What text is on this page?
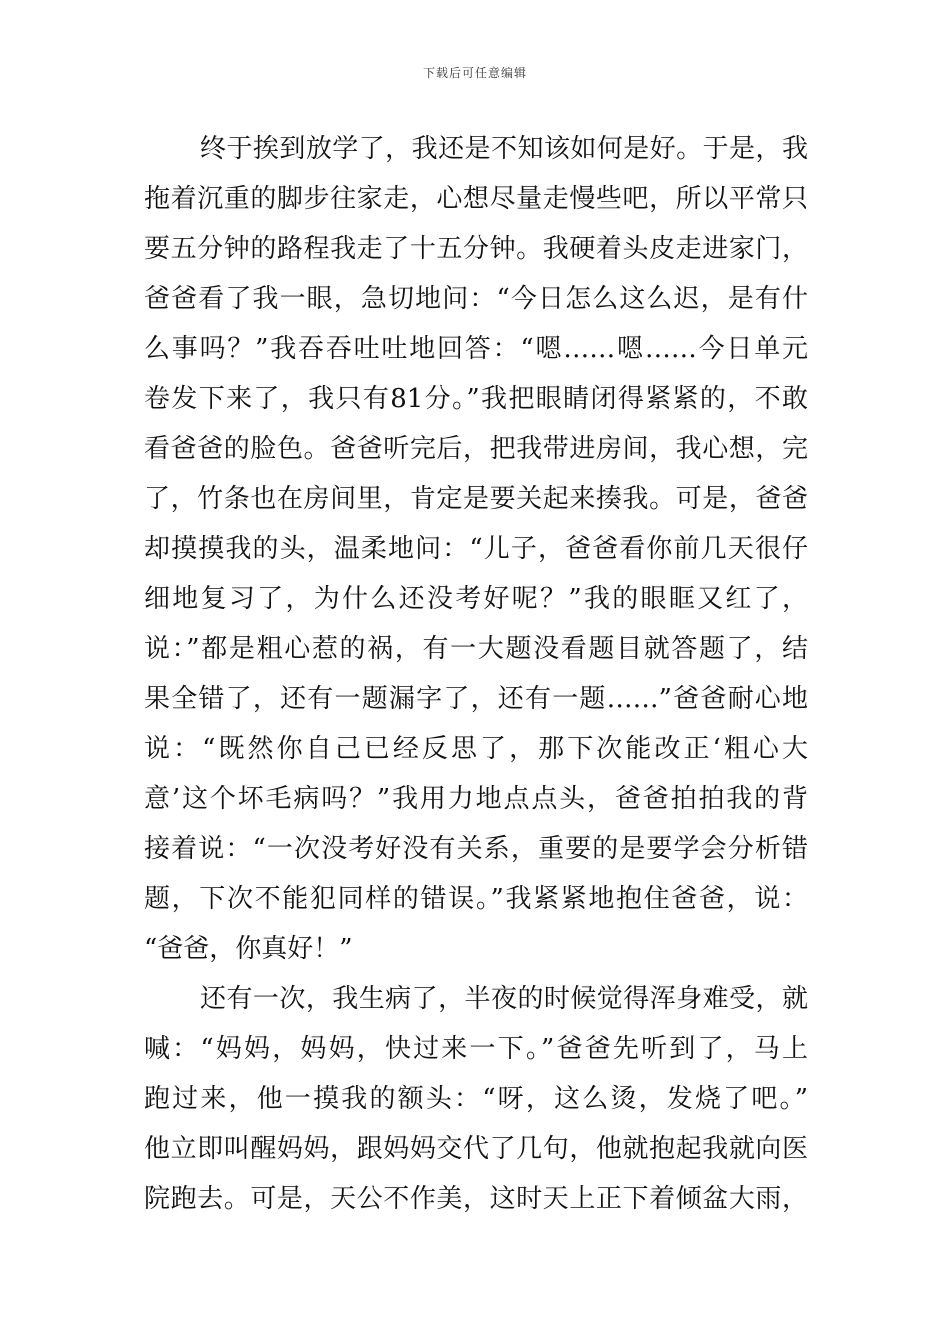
下载后可任意编辑
终于挨到放学了，我还是不知该如何是好。于是，我
拖着沉重的脚步往家走，心想尽量走慢些吧，所以平常只
要五分钟的路程我走了十五分钟。我硬着头皮走进家门，
爸爸看了我一眼，急切地问：“今日怎么这么迟，是有什
么事吗？”我吞吞吐吐地回答：“嗯……嗯……今日单元
卷发下来了，我只有81分。”我把眼睛闭得紧紧的，不敢
看爸爸的脸色。爸爸听完后，把我带进房间，我心想，完
了，竹条也在房间里，肯定是要关起来揍我。可是，爸爸
却摸摸我的头，温柔地问：“儿子，爸爸看你前几天很仔
细地复习了，为什么还没考好呢？”我的眼眶又红了，
说：”都是粗心惹的祸，有一大题没看题目就答题了，结
果全错了，还有一题漏字了，还有一题……”爸爸耐心地
说：“既然你自己已经反思了，那下次能改正‘粗心大
意’这个坏毛病吗？”我用力地点点头，爸爸拍拍我的背
接着说：“一次没考好没有关系，重要的是要学会分析错
题，下次不能犯同样的错误。”我紧紧地抱住爸爸，说：
“爸爸，你真好！”
还有一次，我生病了，半夜的时候觉得浑身难受，就
喊：“妈妈，妈妈，快过来一下。”爸爸先听到了，马上
跑过来，他一摸我的额头：“呀，这么烫，发烧了吧。”
他立即叫醒妈妈，跟妈妈交代了几句，他就抱起我就向医
院跑去。可是，天公不作美，这时天上正下着倾盆大雨，
